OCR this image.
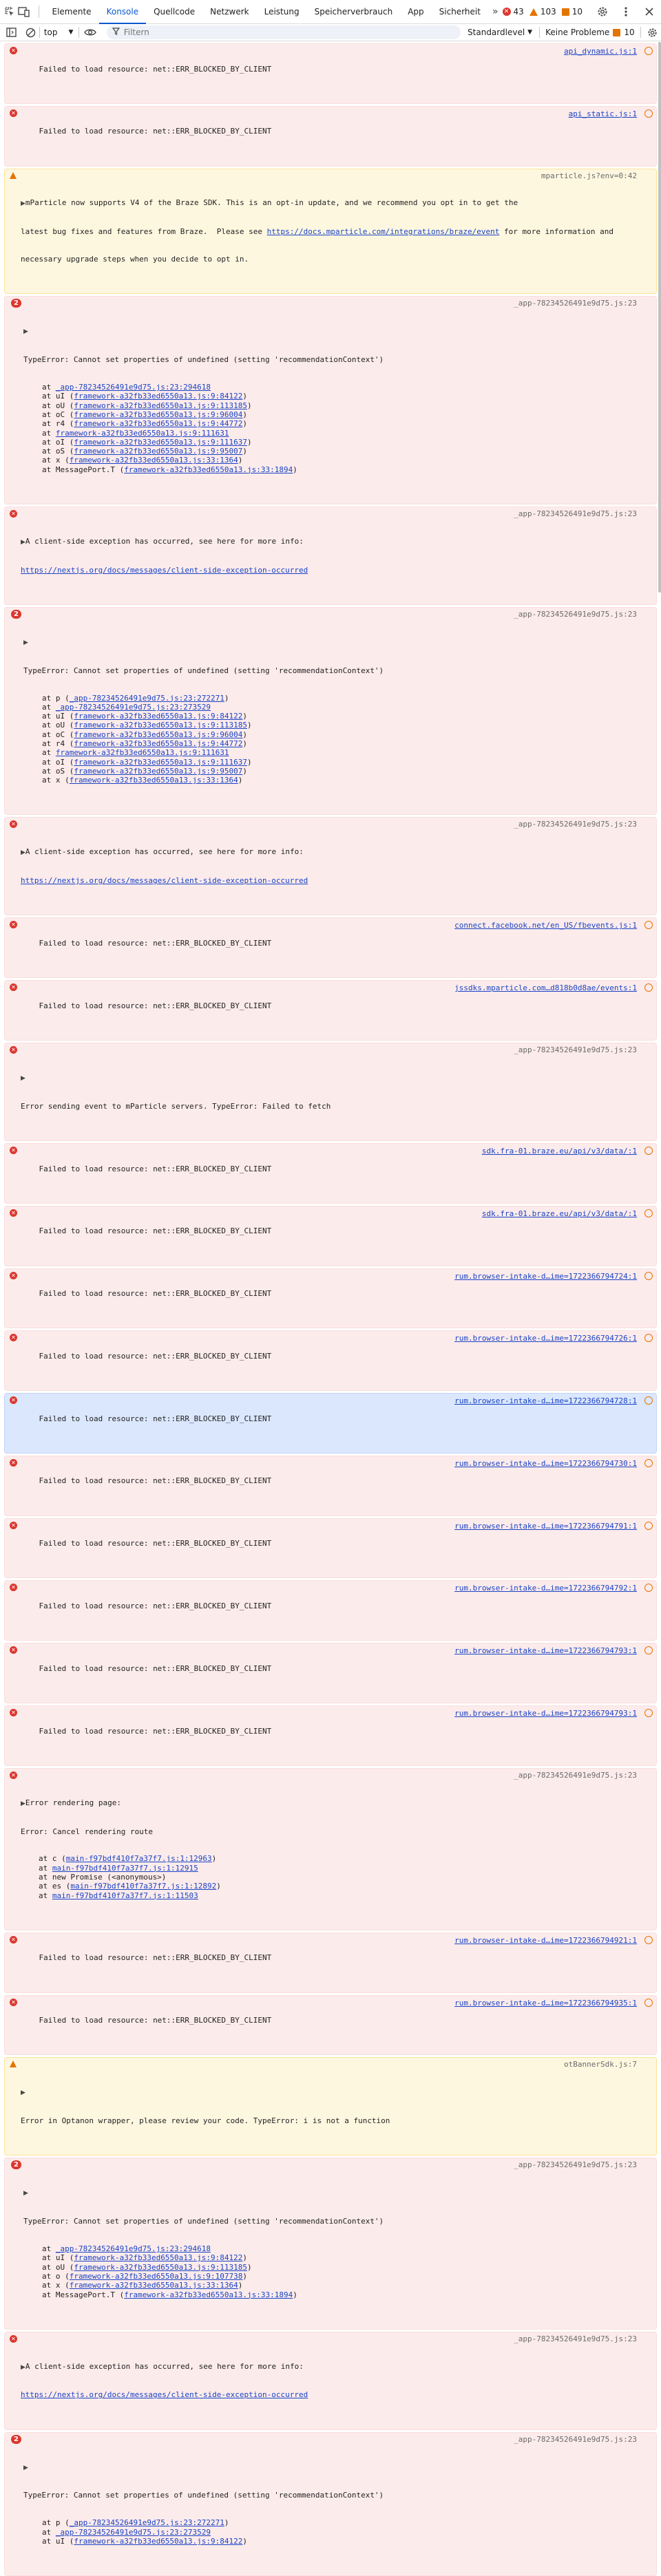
Elemente	Konsole	Quellcode	Netzwerk	Leistung	Speicherverbrauch	App	Sicherheit	» ✕ 43 103 10
top ▼
Filtern	Standardlevel ▼ Keine Probleme 10

✕

Failed to load resource: net::ERR_BLOCKED_BY_CLIENT

api_dynamic.js:1

✕

Failed to load resource: net::ERR_BLOCKED_BY_CLIENT

api_static.js:1

▶mParticle now supports V4 of the Braze SDK. This is an opt-in update, and we recommend you opt in to get the

latest bug fixes and features from Braze.  Please see https://docs.mparticle.com/integrations/braze/event for more information and

necessary upgrade steps when you decide to opt in.

mparticle.js?env=0:42

2

▶

TypeError: Cannot set properties of undefined (setting 'recommendationContext')

at _app-78234526491e9d75.js:23:294618
at uI (framework-a32fb33ed6550a13.js:9:84122)
at oU (framework-a32fb33ed6550a13.js:9:113185)
at oC (framework-a32fb33ed6550a13.js:9:96004)
at r4 (framework-a32fb33ed6550a13.js:9:44772)
at framework-a32fb33ed6550a13.js:9:111631
at oI (framework-a32fb33ed6550a13.js:9:111637)
at oS (framework-a32fb33ed6550a13.js:9:95007)
at x (framework-a32fb33ed6550a13.js:33:1364)
at MessagePort.T (framework-a32fb33ed6550a13.js:33:1894)

_app-78234526491e9d75.js:23

✕

▶A client-side exception has occurred, see here for more info:

https://nextjs.org/docs/messages/client-side-exception-occurred

_app-78234526491e9d75.js:23

2

▶

TypeError: Cannot set properties of undefined (setting 'recommendationContext')

at p (_app-78234526491e9d75.js:23:272271)
at _app-78234526491e9d75.js:23:273529
at uI (framework-a32fb33ed6550a13.js:9:84122)
at oU (framework-a32fb33ed6550a13.js:9:113185)
at oC (framework-a32fb33ed6550a13.js:9:96004)
at r4 (framework-a32fb33ed6550a13.js:9:44772)
at framework-a32fb33ed6550a13.js:9:111631
at oI (framework-a32fb33ed6550a13.js:9:111637)
at oS (framework-a32fb33ed6550a13.js:9:95007)
at x (framework-a32fb33ed6550a13.js:33:1364)

_app-78234526491e9d75.js:23

✕

▶A client-side exception has occurred, see here for more info:

https://nextjs.org/docs/messages/client-side-exception-occurred

_app-78234526491e9d75.js:23

✕

Failed to load resource: net::ERR_BLOCKED_BY_CLIENT

connect.facebook.net/en_US/fbevents.js:1

✕

Failed to load resource: net::ERR_BLOCKED_BY_CLIENT

jssdks.mparticle.com…d818b0d8ae/events:1

✕

▶

Error sending event to mParticle servers. TypeError: Failed to fetch

_app-78234526491e9d75.js:23

✕

Failed to load resource: net::ERR_BLOCKED_BY_CLIENT

sdk.fra-01.braze.eu/api/v3/data/:1

✕

Failed to load resource: net::ERR_BLOCKED_BY_CLIENT

sdk.fra-01.braze.eu/api/v3/data/:1

✕

Failed to load resource: net::ERR_BLOCKED_BY_CLIENT

rum.browser-intake-d…ime=1722366794724:1

✕

Failed to load resource: net::ERR_BLOCKED_BY_CLIENT

rum.browser-intake-d…ime=1722366794726:1

✕

Failed to load resource: net::ERR_BLOCKED_BY_CLIENT

rum.browser-intake-d…ime=1722366794728:1

✕

Failed to load resource: net::ERR_BLOCKED_BY_CLIENT

rum.browser-intake-d…ime=1722366794730:1

✕

Failed to load resource: net::ERR_BLOCKED_BY_CLIENT

rum.browser-intake-d…ime=1722366794791:1

✕

Failed to load resource: net::ERR_BLOCKED_BY_CLIENT

rum.browser-intake-d…ime=1722366794792:1

✕

Failed to load resource: net::ERR_BLOCKED_BY_CLIENT

rum.browser-intake-d…ime=1722366794793:1

✕

Failed to load resource: net::ERR_BLOCKED_BY_CLIENT

rum.browser-intake-d…ime=1722366794793:1

✕

▶Error rendering page:

Error: Cancel rendering route

at c (main-f97bdf410f7a37f7.js:1:12963)
at main-f97bdf410f7a37f7.js:1:12915
at new Promise (<anonymous>)
at es (main-f97bdf410f7a37f7.js:1:12892)
at main-f97bdf410f7a37f7.js:1:11503

_app-78234526491e9d75.js:23

✕

Failed to load resource: net::ERR_BLOCKED_BY_CLIENT

rum.browser-intake-d…ime=1722366794921:1

✕

Failed to load resource: net::ERR_BLOCKED_BY_CLIENT

rum.browser-intake-d…ime=1722366794935:1

▶

Error in Optanon wrapper, please review your code. TypeError: i is not a function

otBannerSdk.js:7

2

▶

TypeError: Cannot set properties of undefined (setting 'recommendationContext')

at _app-78234526491e9d75.js:23:294618
at uI (framework-a32fb33ed6550a13.js:9:84122)
at oU (framework-a32fb33ed6550a13.js:9:113185)
at o (framework-a32fb33ed6550a13.js:9:107738)
at x (framework-a32fb33ed6550a13.js:33:1364)
at MessagePort.T (framework-a32fb33ed6550a13.js:33:1894)

_app-78234526491e9d75.js:23

✕

▶A client-side exception has occurred, see here for more info:

https://nextjs.org/docs/messages/client-side-exception-occurred

_app-78234526491e9d75.js:23

2

▶

TypeError: Cannot set properties of undefined (setting 'recommendationContext')

at p (_app-78234526491e9d75.js:23:272271)
at _app-78234526491e9d75.js:23:273529
at uI (framework-a32fb33ed6550a13.js:9:84122)

_app-78234526491e9d75.js:23
